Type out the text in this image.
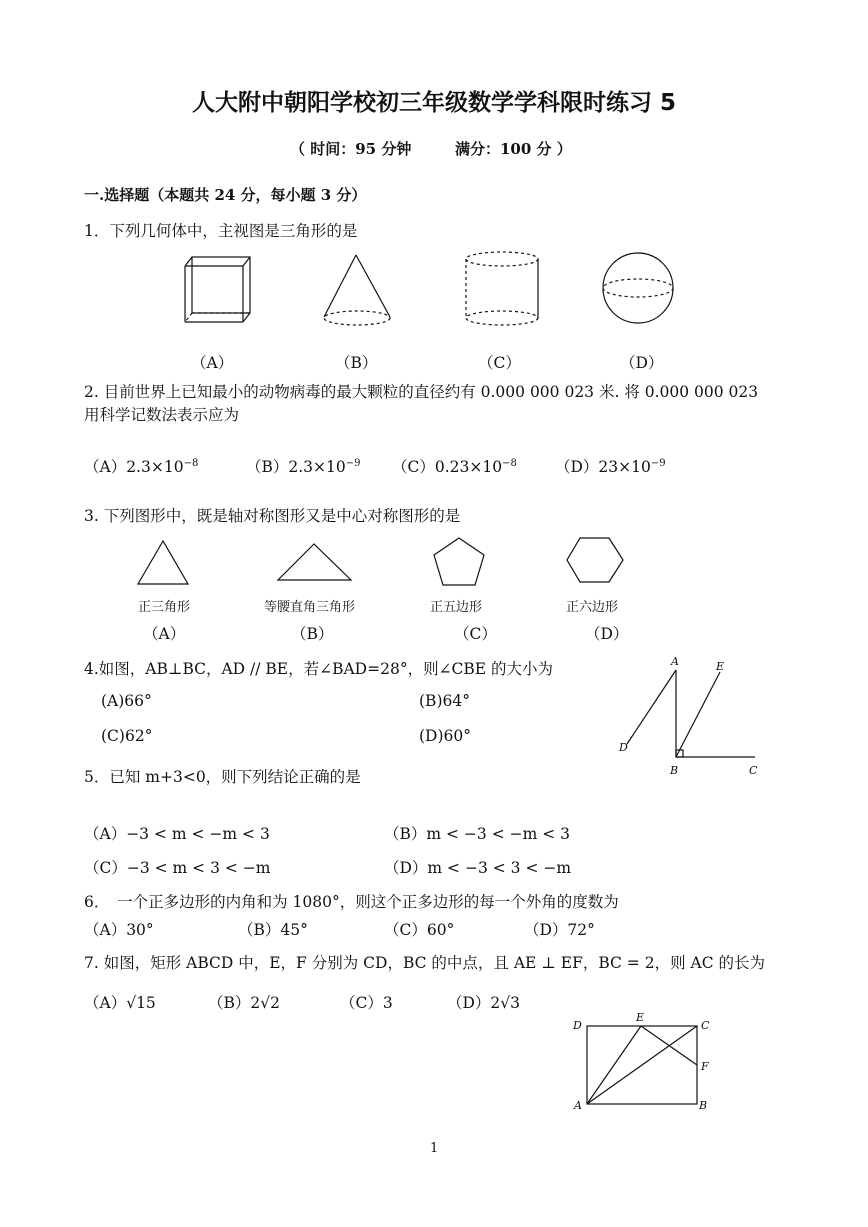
人大附中朝阳学校初三年级数学学科限时练习 5
（ 时间：95 分钟	满分：100 分 ）
一.选择题（本题共 24 分，每小题 3 分）
1．下列几何体中，主视图是三角形的是
（A）	（B）	（C）	（D）
2. 目前世界上已知最小的动物病毒的最大颗粒的直径约有 0.000 000 023 米. 将 0.000 000 023
用科学记数法表示应为
$(A)2.3\times 10^{-8}$	$(B)2.3\times 10^{-9}$ $(C)0.23\times 10^{-8}$ $(D)23\times 10^{-9}$
3. 下列图形中，既是轴对称图形又是中心对称图形的是
正三角形	等腰直角三角形	正五边形	正六边形
（A）	（B）	（C）	（D）
4.如图，AB⊥BC，AD // BE，若∠BAD=28°，则∠CBE 的大小为
(A)66°	(B)64°
(C)62°	(D)60°
A	E
D
B	C
5．已知 m+3<0，则下列结论正确的是
（A）−3 < m < −m < 3	（B）m < −3 < −m < 3
（C）−3 < m < 3 < −m	（D）m < −3 < 3 < −m
6．　一个正多边形的内角和为 1080°，则这个正多边形的每一个外角的度数为
（A）30°	（B）45°	（C）60°	（D）72°
7. 如图，矩形 ABCD 中，E，F 分别为 CD，BC 的中点，且 AE ⊥ EF，BC = 2，则 AC 的长为
（A）√15	（B）2√2	（C）3	（D）2√3
D
E
C
F
A	B
1
